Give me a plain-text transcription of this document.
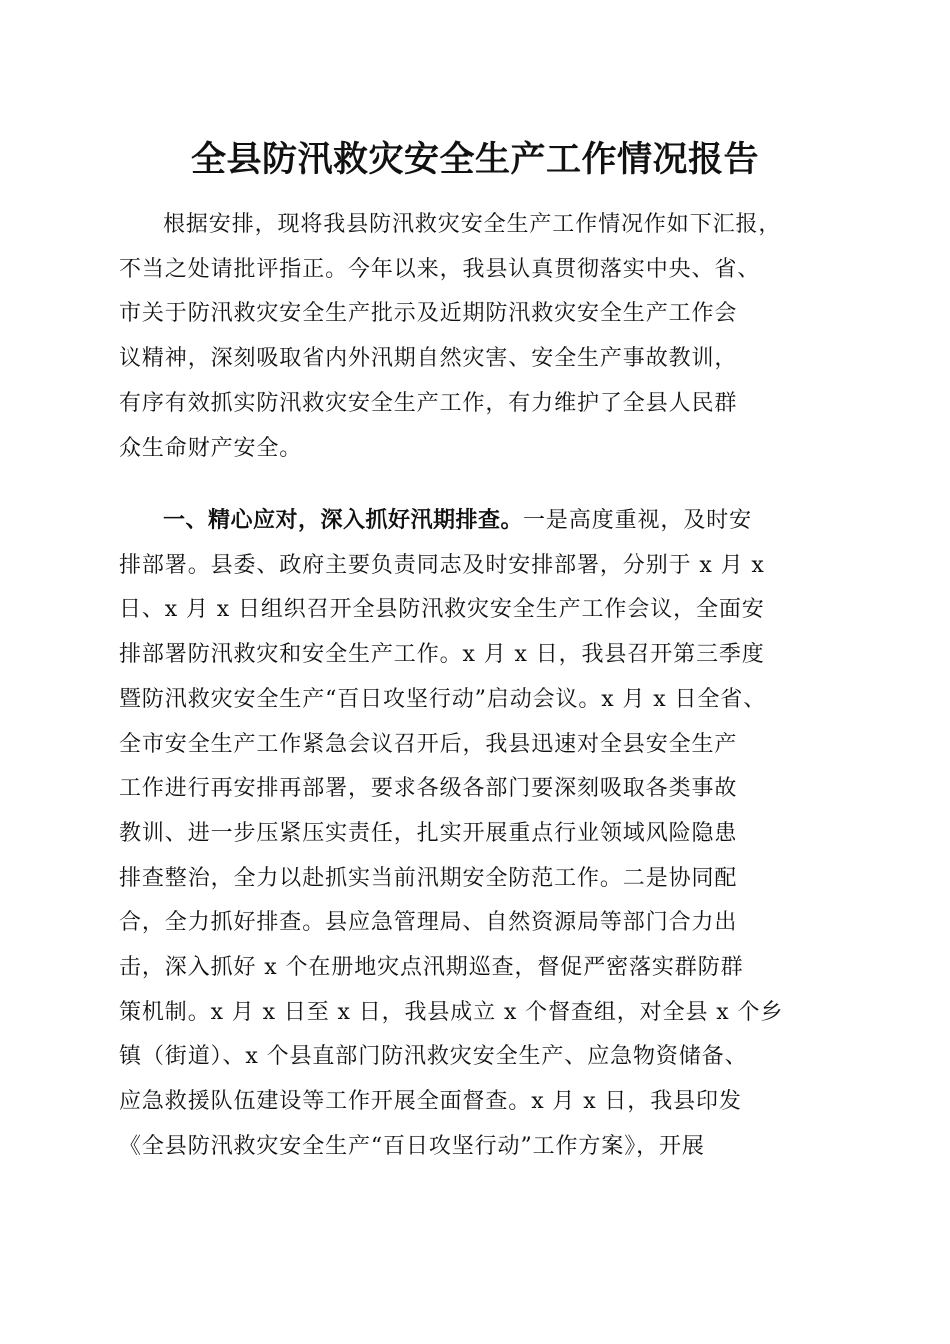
全县防汛救灾安全生产工作情况报告
根据安排，现将我县防汛救灾安全生产工作情况作如下汇报，
不当之处请批评指正。今年以来，我县认真贯彻落实中央、省、
市关于防汛救灾安全生产批示及近期防汛救灾安全生产工作会
议精神，深刻吸取省内外汛期自然灾害、安全生产事故教训，
有序有效抓实防汛救灾安全生产工作，有力维护了全县人民群
众生命财产安全。
一、精心应对，深入抓好汛期排查。一是高度重视，及时安
排部署。县委、政府主要负责同志及时安排部署，分别于 x 月 x
日、x 月 x 日组织召开全县防汛救灾安全生产工作会议，全面安
排部署防汛救灾和安全生产工作。x 月 x 日，我县召开第三季度
暨防汛救灾安全生产“百日攻坚行动”启动会议。x 月 x 日全省、
全市安全生产工作紧急会议召开后，我县迅速对全县安全生产
工作进行再安排再部署，要求各级各部门要深刻吸取各类事故
教训、进一步压紧压实责任，扎实开展重点行业领域风险隐患
排查整治，全力以赴抓实当前汛期安全防范工作。二是协同配
合，全力抓好排查。县应急管理局、自然资源局等部门合力出
击，深入抓好 x 个在册地灾点汛期巡查，督促严密落实群防群
策机制。x 月 x 日至 x 日，我县成立 x 个督查组，对全县 x 个乡
镇（街道）、x 个县直部门防汛救灾安全生产、应急物资储备、
应急救援队伍建设等工作开展全面督查。x 月 x 日，我县印发
《全县防汛救灾安全生产“百日攻坚行动”工作方案》，开展
